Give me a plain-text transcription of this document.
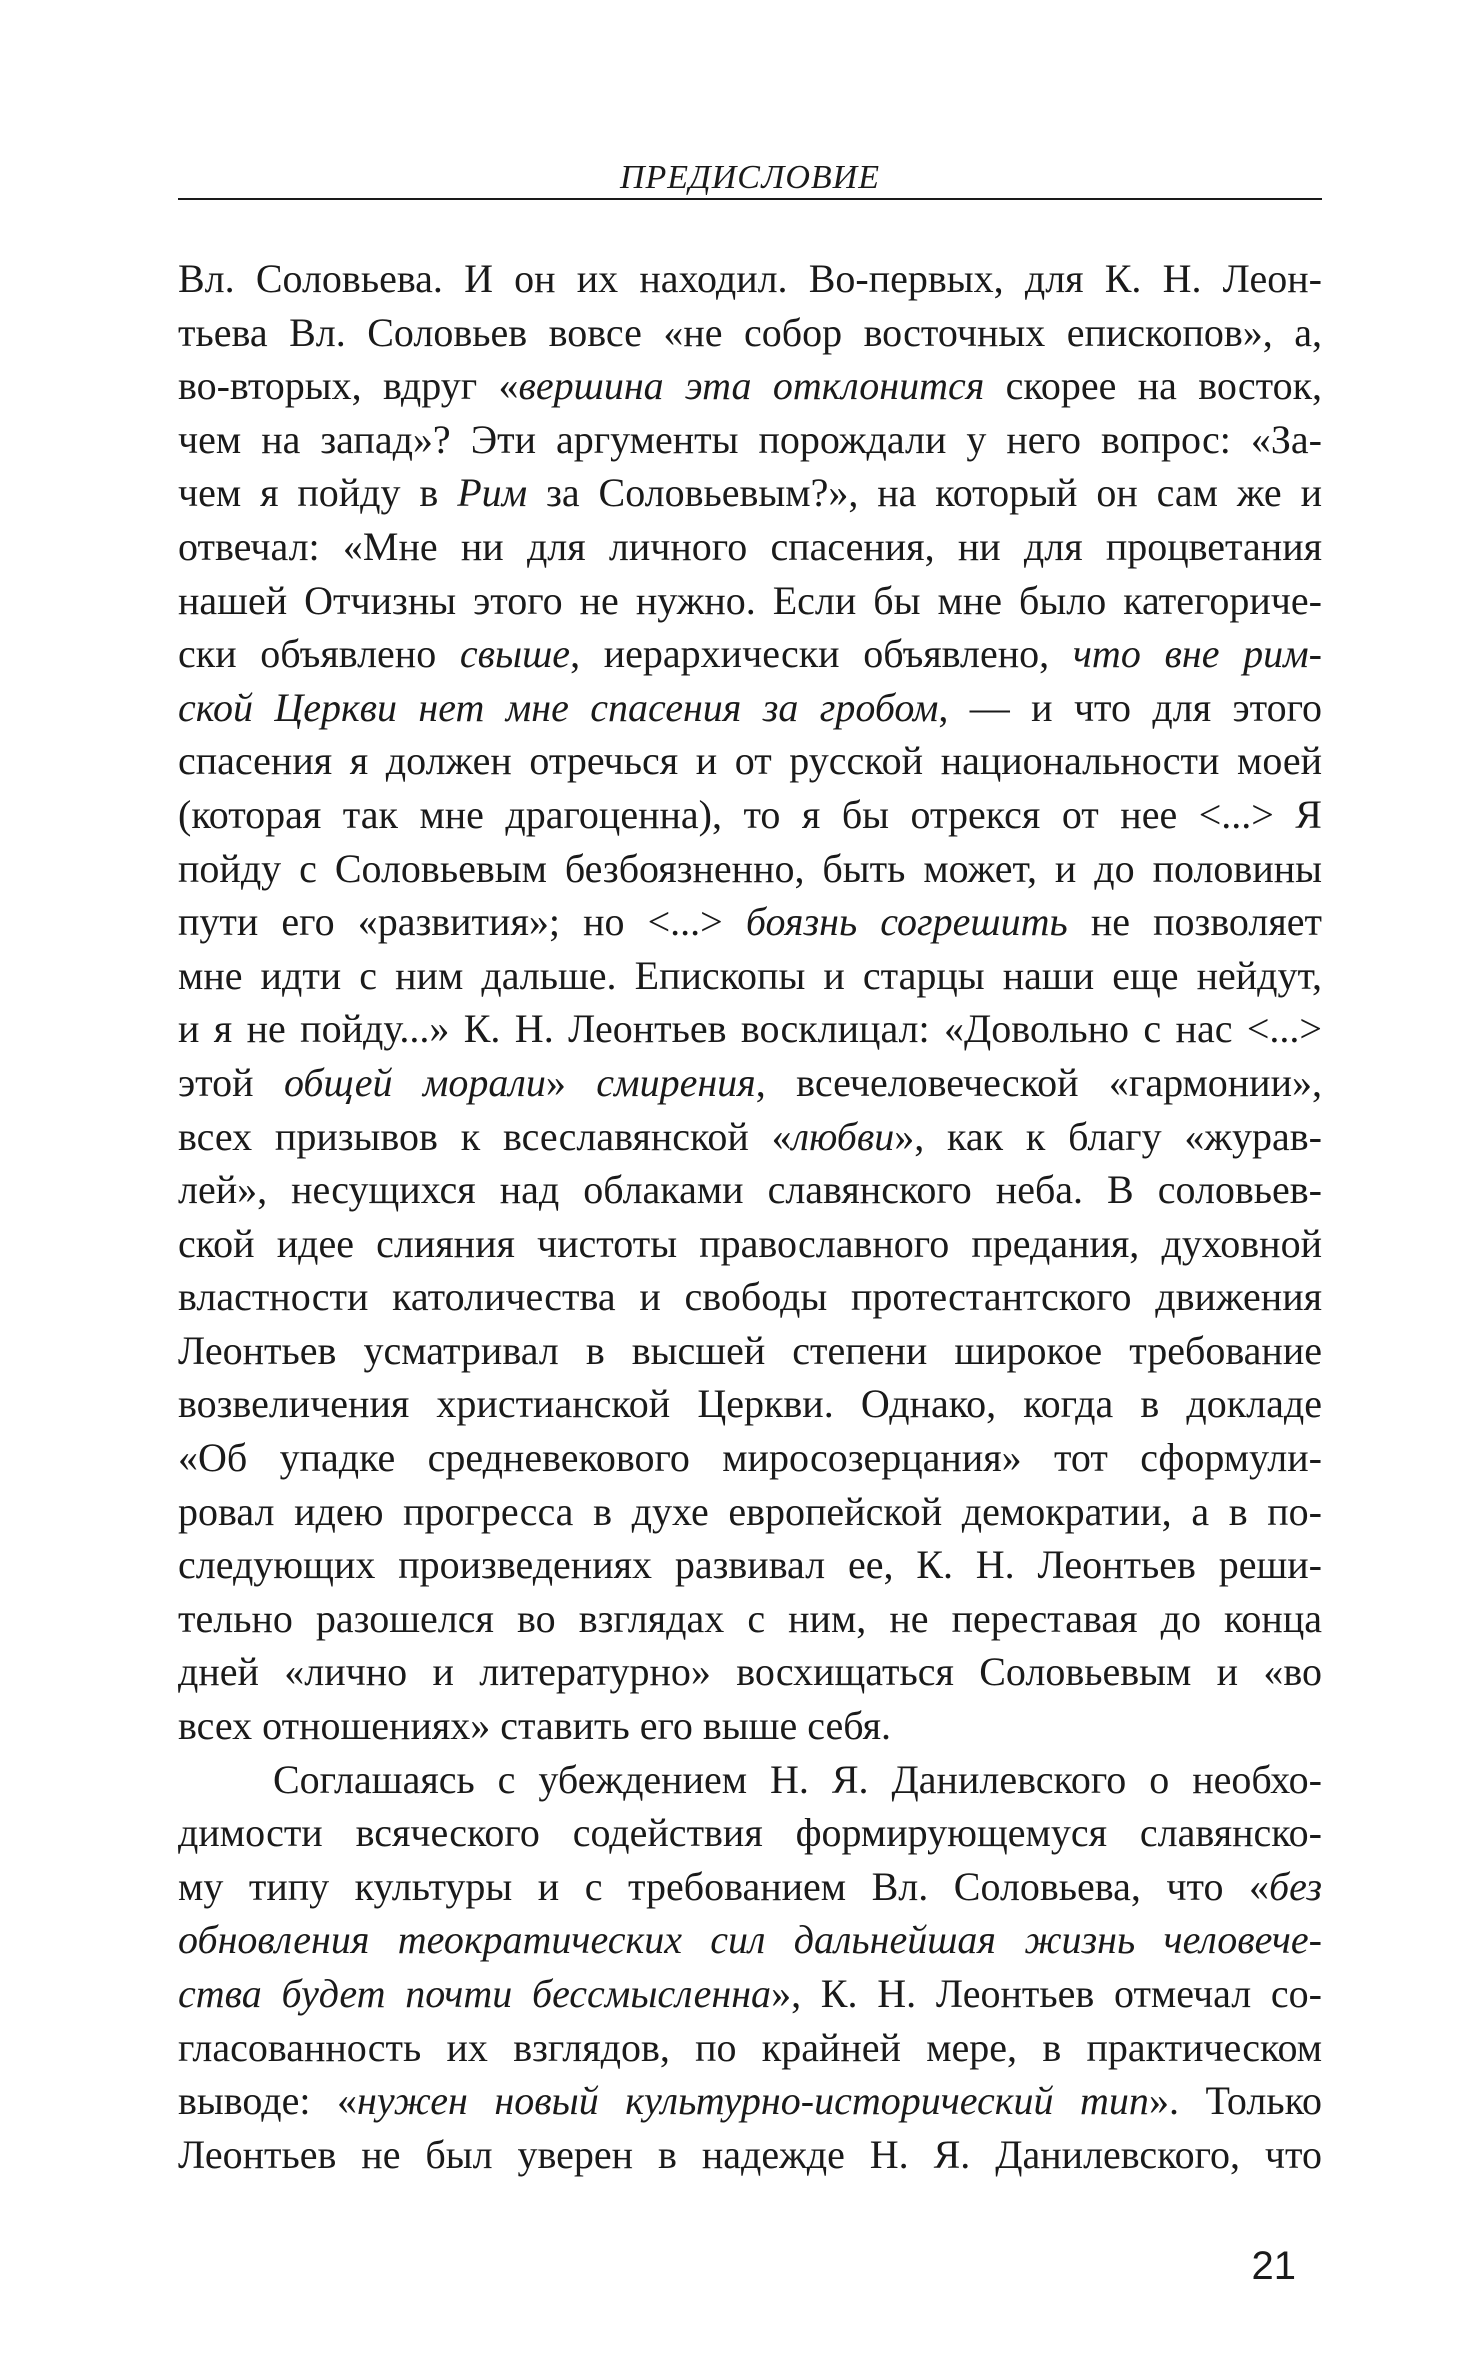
ПРЕДИСЛОВИЕ
Вл. Соловьева. И он их находил. Во-первых, для К. Н. Леон-
тьева Вл. Соловьев вовсе «не собор восточных епископов», а,
во-вторых, вдруг «вершина эта отклонится скорее на восток,
чем на запад»? Эти аргументы порождали у него вопрос: «За-
чем я пойду в Рим за Соловьевым?», на который он сам же и
отвечал: «Мне ни для личного спасения, ни для процветания
нашей Отчизны этого не нужно. Если бы мне было категориче-
ски объявлено свыше, иерархически объявлено, что вне рим-
ской Церкви нет мне спасения за гробом, — и что для этого
спасения я должен отречься и от русской национальности моей
(которая так мне драгоценна), то я бы отрекся от нее <...> Я
пойду с Соловьевым безбоязненно, быть может, и до половины
пути его «развития»; но <...> боязнь согрешить не позволяет
мне идти с ним дальше. Епископы и старцы наши еще нейдут,
и я не пойду...» К. Н. Леонтьев восклицал: «Довольно с нас <...>
этой общей морали» смирения, всечеловеческой «гармонии»,
всех призывов к всеславянской «любви», как к благу «журав-
лей», несущихся над облаками славянского неба. В соловьев-
ской идее слияния чистоты православного предания, духовной
властности католичества и свободы протестантского движения
Леонтьев усматривал в высшей степени широкое требование
возвеличения христианской Церкви. Однако, когда в докладе
«Об упадке средневекового миросозерцания» тот сформули-
ровал идею прогресса в духе европейской демократии, а в по-
следующих произведениях развивал ее, К. Н. Леонтьев реши-
тельно разошелся во взглядах с ним, не переставая до конца
дней «лично и литературно» восхищаться Соловьевым и «во
всех отношениях» ставить его выше себя.
Соглашаясь с убеждением Н. Я. Данилевского о необхо-
димости всяческого содействия формирующемуся славянско-
му типу культуры и с требованием Вл. Соловьева, что «без
обновления теократических сил дальнейшая жизнь человече-
ства будет почти бессмысленна», К. Н. Леонтьев отмечал со-
гласованность их взглядов, по крайней мере, в практическом
выводе: «нужен новый культурно-исторический тип». Только
Леонтьев не был уверен в надежде Н. Я. Данилевского, что
21
